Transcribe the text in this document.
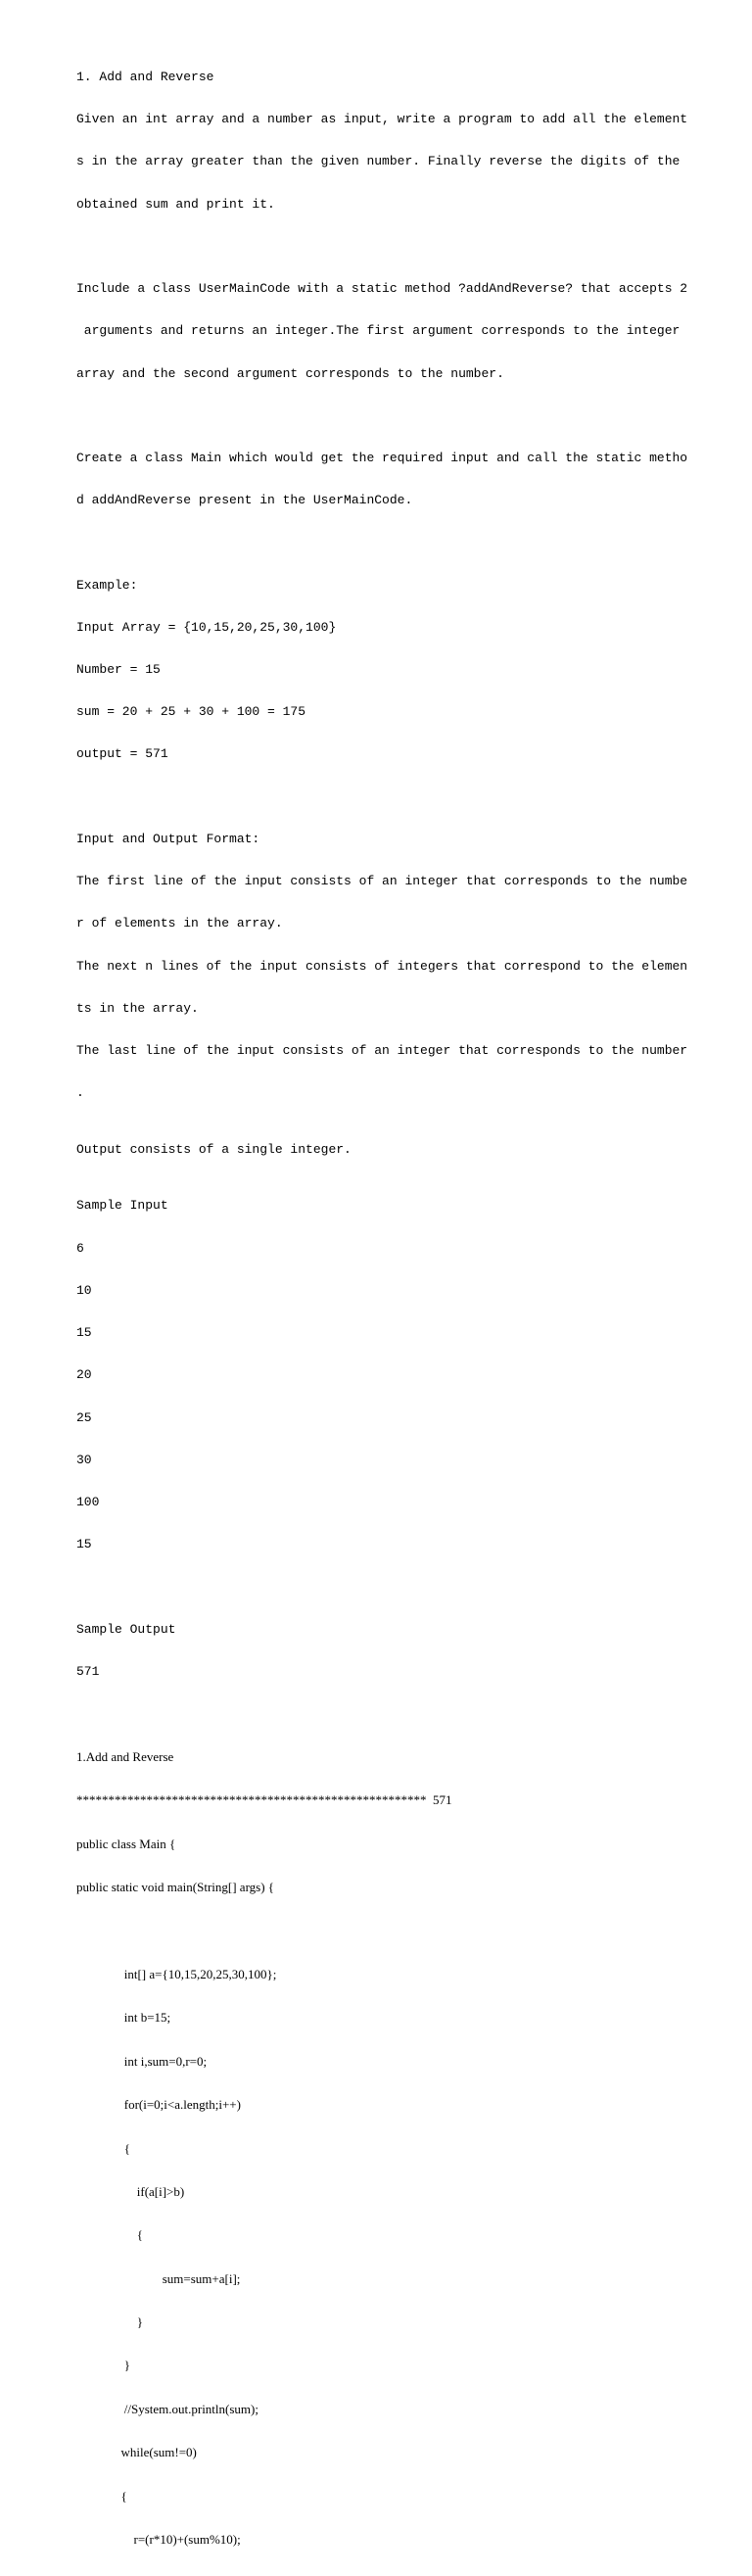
1. Add and Reverse

Given an int array and a number as input, write a program to add all the element

s in the array greater than the given number. Finally reverse the digits of the

obtained sum and print it.

Include a class UserMainCode with a static method ?addAndReverse? that accepts 2

arguments and returns an integer.The first argument corresponds to the integer

array and the second argument corresponds to the number.

Create a class Main which would get the required input and call the static metho

d addAndReverse present in the UserMainCode.

Example:

Input Array = {10,15,20,25,30,100}

Number = 15

sum = 20 + 25 + 30 + 100 = 175

output = 571

Input and Output Format:

The first line of the input consists of an integer that corresponds to the numbe

r of elements in the array.

The next n lines of the input consists of integers that correspond to the elemen

ts in the array.

The last line of the input consists of an integer that corresponds to the number

.

Output consists of a single integer.

Sample Input

6

10

15

20

25

30

100

15

Sample Output

571

1.Add and Reverse

*******************************************************  571

public class Main {

public static void main(String[] args) {

int[] a={10,15,20,25,30,100};

int b=15;

int i,sum=0,r=0;

for(i=0;i<a.length;i++)

{

if(a[i]>b)

{

sum=sum+a[i];

}

}

//System.out.println(sum);

while(sum!=0)

{

r=(r*10)+(sum%10);
